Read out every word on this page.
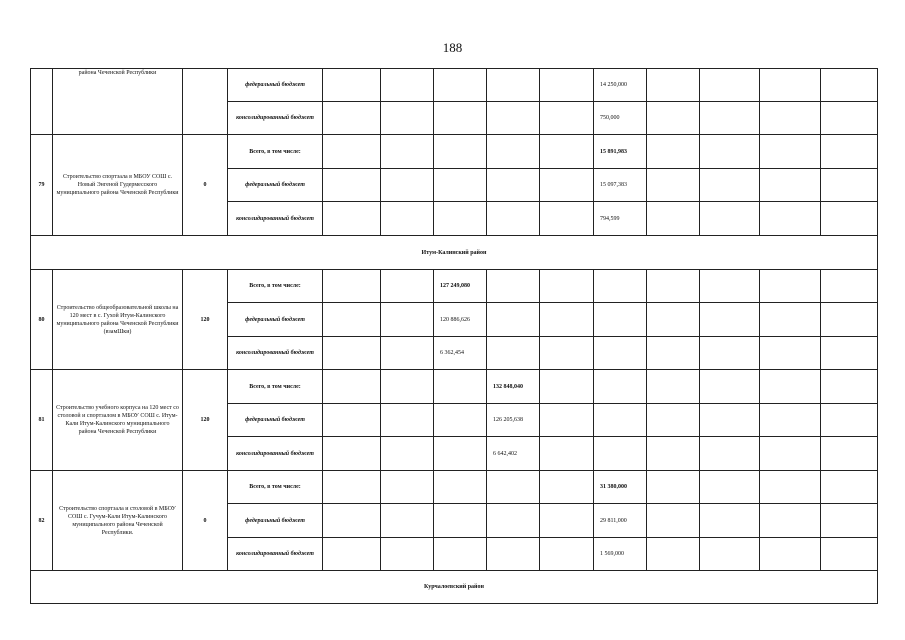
188
	района Чеченской Республики		федеральный бюджет						14 250,000				
			консолидированный бюджет						750,000				
79	Строительство спортзала в МБОУ СОШ с. Новый Энгеной Гудермесского муниципального района Чеченской Республики	0	Всего, в том числе:						15 891,983				
			федеральный бюджет						15 097,383				
			консолидированный бюджет						794,599				
Итум-Калинский район													
80	Строительство общеобразовательной школы на 120 мест в с. Гухой Итум-Калинского муниципального района Чеченской Республики (взамШки)	120	Всего, в том числе:			127 249,080							
			федеральный бюджет			120 886,626							
			консолидированный бюджет			6 362,454							
81	Строительство учебного корпуса на 120 мест со столовой и спортзалом в МБОУ СОШ с. Итум-Кали Итум-Калинского муниципального района Чеченской Республики	120	Всего, в том числе:				132 848,040						
			федеральный бюджет				126 205,638						
			консолидированный бюджет				6 642,402						
82	Строительство спортзала и столовой в МБОУ СОШ с. Гучум-Кали Итум-Калинского муниципального района Чеченской Республики.	0	Всего, в том числе:						31 380,000				
			федеральный бюджет						29 811,000				
			консолидированный бюджет						1 569,000				
Курчалоевский район													
